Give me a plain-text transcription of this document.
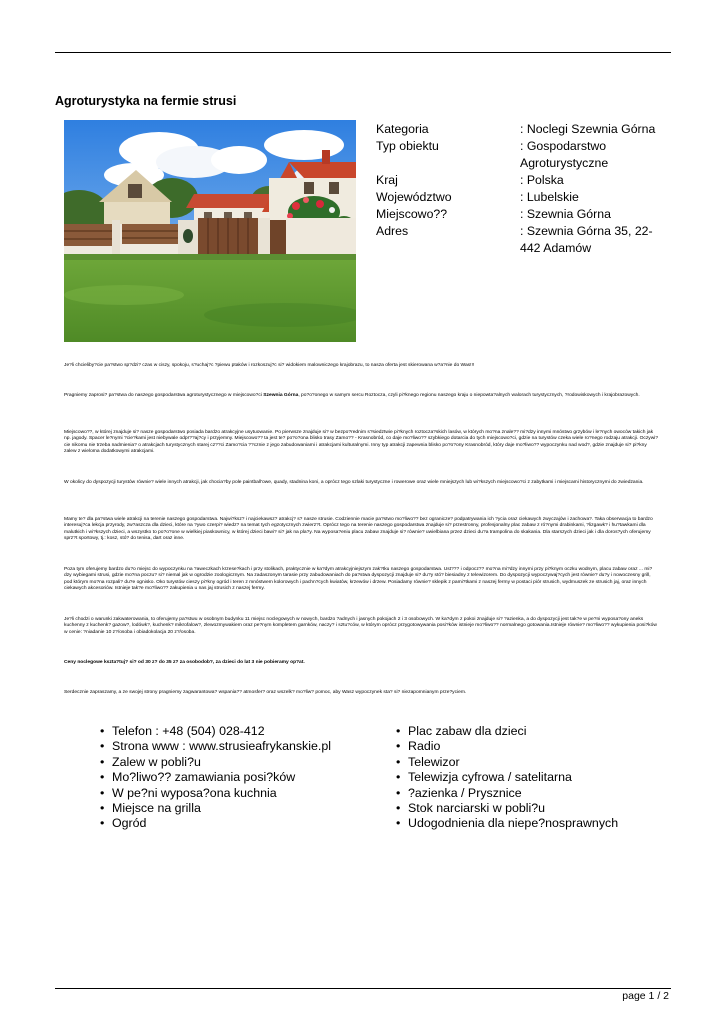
Agroturystyka na fermie strusi
Kategoria	: Noclegi Szewnia Górna
Typ obiektu	: Gospodarstwo Agroturystyczne
Kraj	: Polska
Województwo	: Lubelskie
Miejscowo??	: Szewnia Górna
Adres	: Szewnia Górna 35, 22-442 Adamów

Je?li chcieliby?cie pa?stwo sp?dzi? czas w ciszy, spokoju, s?uchaj?c ?piewu ptaków i rozkoszuj?c si? widokiem malowniczego krajobrazu, to nasza oferta jest skierowana w?a?nie do Was!!!

Pragniemy zaprosi? pa?stwa do naszego gospodarstwa agroturystycznego w miejscowo?ci Szewnia Górna, po?o?onego w samym sercu Roztocza, czyli pi?knego regionu naszego kraju o niepowta?alnych walorach turystycznych, ?rodowiskowych i krajobrazowych.

Miejscowo??, w której znajduje si? nasze gospodarstwo posiada bardzo atrakcyjne usytuowanie. Po pierwsze znajduje si? w bezpo?rednim s?siedztwie pi?knych roztocza?skich lasów, w których mo?na znale?? mi?dzy innymi mnóstwo grzybów i le?nych owoców takich jak np. jagody. Spacer le?nymi ?cie?kami jest niebywale odpr??aj?cy i przyjemny. Miejscowo?? ta jest te? po?o?ona blisko trasy Zamo?? - Krasnobród, co daje mo?liwo?? szybkiego dotarcia do tych miejscowo?ci, gdzie na turystów czeka wiele ro?nego rodzaju atrakcji. Oczywi?cie nikomu nie trzeba nadmienia? o atrakcjach turystycznych starej cz??ci Zamo?cia ??cznie z jego zabudowaniami i atrakcjami kulturalnymi. Inny typ atrakcji zapewnia blisko po?o?ony Krasnobród, który daje mo?liwo?? wypoczynku nad wod?, gdzie znajduje si? pi?kny zalew z wieloma dodatkowymi atrakcjami.

W okolicy do dyspozycji turystów równie? wiele innych atrakcji, jak chocia?by pole paintball'owe, quady, stadnina koni, a oprócz tego szlaki turystyczne i rowerowe oraz wiele mniejszych lub wi?kszych miejscowo?ci z zabytkami i miejscami historycznymi do zwiedzania.

Mamy te? dla pa?stwa wiele atrakcji na terenie naszego gospodarstwa. Najwi?ksz? i najciekawsz? atrakcj? s? nasze strusie. Codziennie macie pa?stwo mo?liwo?? bez ogranicze? podpatrywania ich ?ycia oraz ciekawych zwyczajów i zachowa?. Taka obserwacja to bardzo interesuj?ca lekcja przyrody, zw?aszcza dla dzieci, które na ?ywo czerpi? wiedz? na temat tych egzotycznych zwierz?t. Oprócz tego na terenie naszego gospodarstwa znajduje si? przestronny, profesjonalny plac zabaw z ró?nymi drabinkami, ?lizgawk? i hu?tawkami dla malutkich i wi?kszych dzieci, a wszystko to po?o?one w wielkiej piaskownicy, w której dzieci bawi? si? jak na pla?y. Na wyposa?eniu placu zabaw znajduje si? równie? uwielbiana przez dzieci du?a trampolina do skakania. Dla starszych dzieci jak i dla doros?ych oferujemy sprz?t sportowy, tj.: kosz, stó? do tenisa, dart oraz inne.

Poza tym oferujemy bardzo du?o miejsc do wypoczynku na ?aweczkach krzese?kach i przy stolikach, praktycznie w ka?dym atrakcyjniejszym zak?tku naszego gospodarstwa. Ust??? i odpocz?? mo?na mi?dzy innymi przy pi?knym oczku wodnym, placu zabaw oraz ... mi?dzy wybiegami strusi, gdzie mo?na poczu? si? niemal jak w ogrodzie zoologicznym. Na zadaszonym tarasie przy zabudowaniach do pa?stwa dyspozycji znajduje si? du?y stó? biesiadny z telewizorem. Do dyspozycji wypoczywaj?cych jest równie? du?y i nowoczesny grill, pod którym mo?na rozpali? du?e ognisko. Oko turystów cieszy pi?kny ogród i teren z mnóstwem kolorowych i pachn?cych kwiatów, krzewów i drzew. Posiadamy równie? sklepik z pami?tkami z naszej fermy w postaci piór strusich, wydmuszek ze strusich jaj, oraz innych ciekawych akcesoriów. Istnieje tak?e mo?liwo?? zakupienia u nas jaj strusich z naszej fermy.

Je?li chodzi o warunki zakwaterowania, to oferujemy pa?stwu w osobnym budynku 11 miejsc noclegowych w nowych, bardzo ?adnych i jasnych pokojach 2 i 3 osobowych. W ka?dym z pokoi znajduje si? ?azienka, a do dyspozycji jest tak?e w pe?ni wyposa?ony aneks kuchenny z kuchenk? gazow?, lodówk?, kuchenk? mikrofalow?, zlewozmywakiem oraz pe?nym kompletem garnków, naczy? i sztu?ców, w którym oprócz przygotowywania posi?ków istnieje mo?liwo?? normalnego gotowania.Istnieje równie? mo?liwo?? wykupienia posi?ków w cenie: ?niadanie 10 z?/osoba i obiadokolacja 20 z?/osoba.

Ceny noclegowe kszta?tuj? si? od 30 z? do 35 z? za osobodob?, za dzieci do lat 3 nie pobieramy op?at.

Serdecznie zapraszamy, a ze swojej strony pragniemy zagwarantowa? wspania?? atmosfer? oraz wszelk? mo?liw? pomoc, aby Wasz wypoczynek sta? si? niezapomnianym prze?yciem.

• Telefon : +48 (504) 028-412
• Strona www : www.strusieafrykanskie.pl
• Zalew w pobli?u
• Mo?liwo?? zamawiania posi?ków
• W pe?ni wyposa?ona kuchnia
• Miejsce na grilla
• Ogród
• Plac zabaw dla dzieci
• Radio
• Telewizor
• Telewizja cyfrowa / satelitarna
• ?azienka / Prysznice
• Stok narciarski w pobli?u
• Udogodnienia dla niepe?nosprawnych
page 1 / 2
